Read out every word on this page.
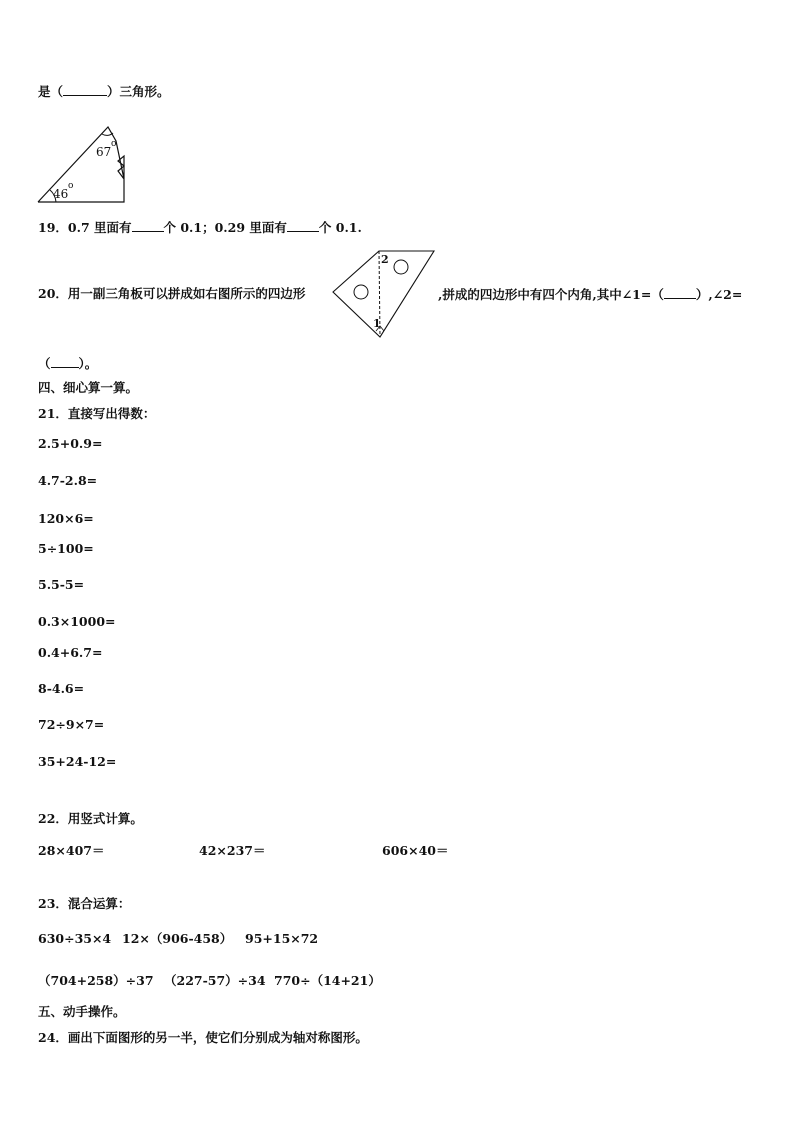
是（	）三角形。
67
o
46
o
19．0.7 里面有	个 0.1；0.29 里面有	个 0.1.
20．用一副三角板可以拼成如右图所示的四边形
2
1
,拼成的四边形中有四个内角,其中∠1=（	）,∠2=
（ ）。
四、细心算一算。
21．直接写出得数：
2.5+0.9=
4.7-2.8=
120×6=
5÷100=
5.5-5=
0.3×1000=
0.4+6.7=
8-4.6=
72÷9×7=
35+24-12=
22．用竖式计算。
28×407＝	42×237＝	606×40＝
23．混合运算：
630÷35×4 12×（906-458） 95+15×72
（704+258）÷37 （227-57）÷34 770÷（14+21）
五、动手操作。
24．画出下面图形的另一半，使它们分别成为轴对称图形。
